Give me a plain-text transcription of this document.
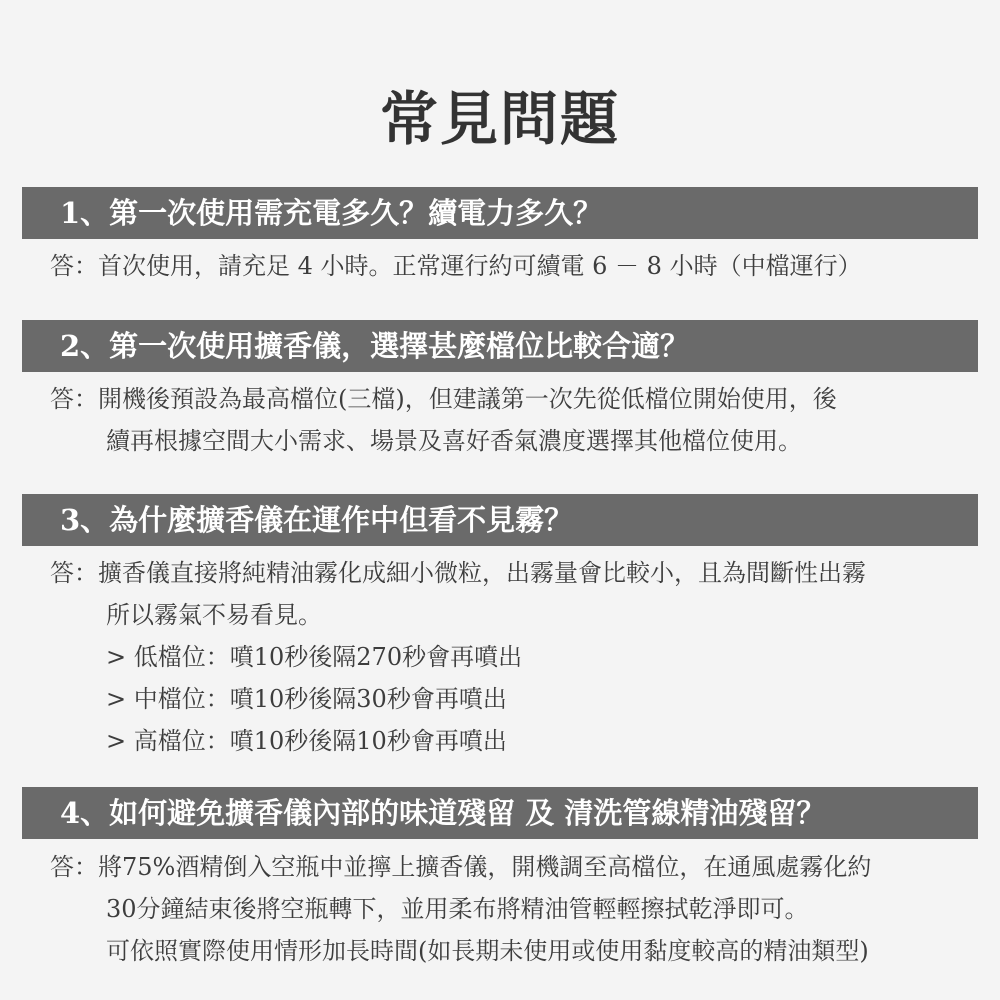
常見問題
1、第一次使用需充電多久？續電力多久？
答：首次使用，請充足 4 小時。正常運行約可續電 6 － 8 小時（中檔運行）
2、第一次使用擴香儀，選擇甚麼檔位比較合適？
答：開機後預設為最高檔位(三檔)，但建議第一次先從低檔位開始使用，後
續再根據空間大小需求、場景及喜好香氣濃度選擇其他檔位使用。
3、為什麼擴香儀在運作中但看不見霧？
答：擴香儀直接將純精油霧化成細小微粒，出霧量會比較小，且為間斷性出霧
所以霧氣不易看見。
> 低檔位：噴10秒後隔270秒會再噴出
> 中檔位：噴10秒後隔30秒會再噴出
> 高檔位：噴10秒後隔10秒會再噴出
4、如何避免擴香儀內部的味道殘留 及 清洗管線精油殘留？
答：將75%酒精倒入空瓶中並擰上擴香儀，開機調至高檔位，在通風處霧化約
30分鐘結束後將空瓶轉下，並用柔布將精油管輕輕擦拭乾淨即可。
可依照實際使用情形加長時間(如長期未使用或使用黏度較高的精油類型)
